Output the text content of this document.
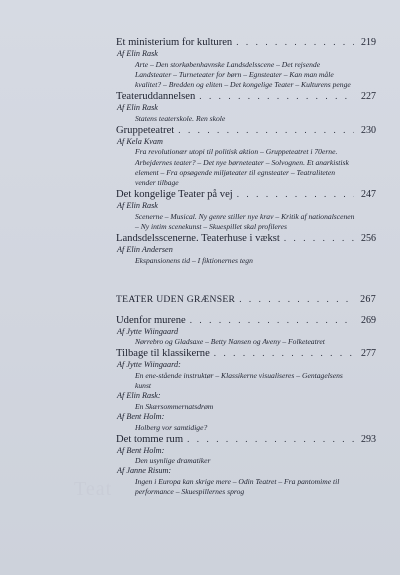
Teat
Et ministerium for kulturen . . .	219
Af Elin Rask
Arte – Den storkøbenhavnske Landsdelsscene – Det rejsende Landsteater – Turneteater for børn – Egnsteater – Kan man måle kvalitet? – Bredden og eliten – Det kongelige Teater – Kulturens penge
Teateruddannelsen . . .	227
Af Elin Rask
Statens teaterskole. Ren skole
Gruppeteatret . . .	230
Af Kela Kvam
Fra revolutionær utopi til politisk aktion – Gruppeteatret i 70erne. Arbejdernes teater? – Det nye børneteater – Solvognen. Et anarkistisk element – Fra opsøgende miljøteater til egnsteater – Teatraliteten vender tilbage
Det kongelige Teater på vej . . .	247
Af Elin Rask
Scenerne – Musical. Ny genre stiller nye krav – Kritik af nationalscenen – Ny intim scenekunst – Skuespillet skal profileres
Landsdelsscenerne. Teaterhuse i vækst . . .	256
Af Elin Andersen
Ekspansionens tid – I fiktionernes tegn
TEATER UDEN GRÆNSER . . .	267
Udenfor murene . . .	269
Af Jytte Wiingaard
Nørrebro og Gladsaxe – Betty Nansen og Aveny – Folketeatret
Tilbage til klassikerne . . .	277
Af Jytte Wiingaard:
En ene-stående instruktør – Klassikerne visualiseres – Gentagelsens kunst
Af Elin Rask:
En Skærsommernatsdrøm
Af Bent Holm:
Holberg vor samtidige?
Det tomme rum . . .	293
Af Bent Holm:
Den usynlige dramatiker
Af Janne Risum:
Ingen i Europa kan skrige mere – Odin Teatret – Fra pantomime til performance – Skuespillernes sprog
